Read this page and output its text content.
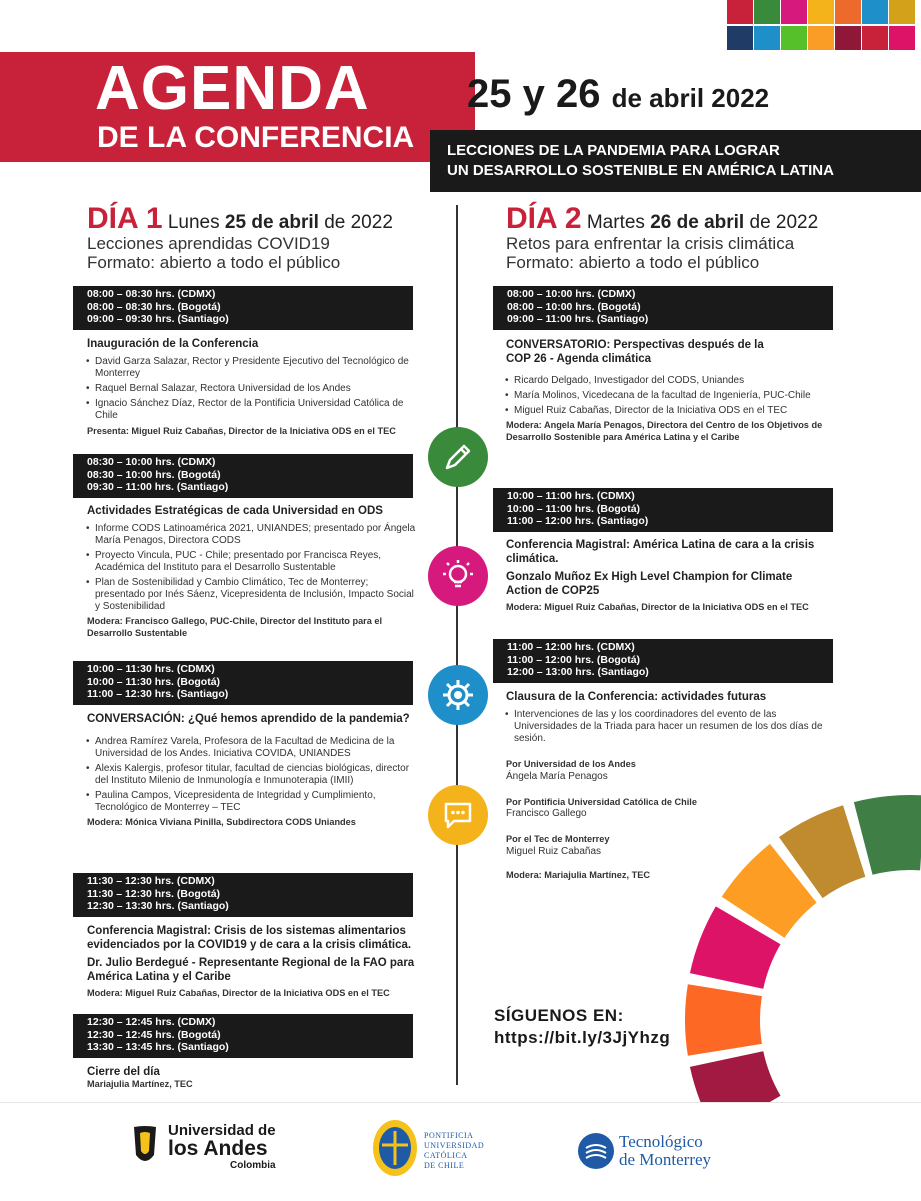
AGENDA
DE LA CONFERENCIA
25 y 26 de abril 2022
LECCIONES DE LA PANDEMIA PARA LOGRAR
UN DESARROLLO SOSTENIBLE EN AMÉRICA LATINA
DÍA 1 Lunes 25 de abril de 2022
Lecciones aprendidas COVID19
Formato: abierto a todo el público
08:00 – 08:30 hrs. (CDMX)
08:00 – 08:30 hrs. (Bogotá)
09:00 – 09:30 hrs. (Santiago)
Inauguración de la Conferencia
• David Garza Salazar, Rector y Presidente Ejecutivo del Tecnológico de Monterrey
• Raquel Bernal Salazar, Rectora Universidad de los Andes
• Ignacio Sánchez Díaz, Rector de la Pontificia Universidad Católica de Chile
Presenta: Miguel Ruiz Cabañas, Director de la Iniciativa ODS en el TEC
08:30 – 10:00 hrs. (CDMX)
08:30 – 10:00 hrs. (Bogotá)
09:30 – 11:00 hrs. (Santiago)
Actividades Estratégicas de cada Universidad en ODS
• Informe CODS Latinoamérica 2021, UNIANDES; presentado por Ángela María Penagos, Directora CODS
• Proyecto Vincula, PUC - Chile; presentado por Francisca Reyes, Académica del Instituto para el Desarrollo Sustentable
• Plan de Sostenibilidad y Cambio Climático, Tec de Monterrey; presentado por Inés Sáenz, Vicepresidenta de Inclusión, Impacto Social y Sostenibilidad
Modera: Francisco Gallego, PUC-Chile, Director del Instituto para el Desarrollo Sustentable
10:00 – 11:30 hrs. (CDMX)
10:00 – 11:30 hrs. (Bogotá)
11:00 – 12:30 hrs. (Santiago)
CONVERSACIÓN: ¿Qué hemos aprendido de la pandemia?
• Andrea Ramírez Varela, Profesora de la Facultad de Medicina de la Universidad de los Andes. Iniciativa COVIDA, UNIANDES
• Alexis Kalergis, profesor titular, facultad de ciencias biológicas, director del Instituto Milenio de Inmunología e Inmunoterapia (IMII)
• Paulina Campos, Vicepresidenta de Integridad y Cumplimiento, Tecnológico de Monterrey – TEC
Modera: Mónica Viviana Pinilla, Subdirectora CODS Uniandes
11:30 – 12:30 hrs. (CDMX)
11:30 – 12:30 hrs. (Bogotá)
12:30 – 13:30 hrs. (Santiago)
Conferencia Magistral: Crisis de los sistemas alimentarios evidenciados por la COVID19 y de cara a la crisis climática.
Dr. Julio Berdegué - Representante Regional de la FAO para América Latina y el Caribe
Modera: Miguel Ruiz Cabañas, Director de la Iniciativa ODS en el TEC
12:30 – 12:45 hrs. (CDMX)
12:30 – 12:45 hrs. (Bogotá)
13:30 – 13:45 hrs. (Santiago)
Cierre del día
Mariajulia Martínez, TEC
DÍA 2 Martes 26 de abril de 2022
Retos para enfrentar la crisis climática
Formato: abierto a todo el público
08:00 – 10:00 hrs. (CDMX)
08:00 – 10:00 hrs. (Bogotá)
09:00 – 11:00 hrs. (Santiago)
CONVERSATORIO: Perspectivas después de la COP 26 - Agenda climática
• Ricardo Delgado, Investigador del CODS, Uniandes
• María Molinos, Vicedecana de la facultad de Ingeniería, PUC-Chile
• Miguel Ruiz Cabañas, Director de la Iniciativa ODS en el TEC
Modera: Angela María Penagos, Directora del Centro de los Objetivos de Desarrollo Sostenible para América Latina y el Caribe
10:00 – 11:00 hrs. (CDMX)
10:00 – 11:00 hrs. (Bogotá)
11:00 – 12:00 hrs. (Santiago)
Conferencia Magistral: América Latina de cara a la crisis climática.
Gonzalo Muñoz Ex High Level Champion for Climate Action de COP25
Modera: Miguel Ruiz Cabañas, Director de la Iniciativa ODS en el TEC
11:00 – 12:00 hrs. (CDMX)
11:00 – 12:00 hrs. (Bogotá)
12:00 – 13:00 hrs. (Santiago)
Clausura de la Conferencia: actividades futuras
• Intervenciones de las y los coordinadores del evento de las Universidades de la Triada para hacer un resumen de los dos días de sesión.
Por Universidad de los Andes
Ángela María Penagos
Por Pontificia Universidad Católica de Chile
Francisco Gallego
Por el Tec de Monterrey
Miguel Ruiz Cabañas
Modera: Mariajulia Martínez, TEC
SÍGUENOS EN:
https://bit.ly/3JjYhzg
Universidad de
los Andes
Colombia
PONTIFICIA
UNIVERSIDAD
CATÓLICA
DE CHILE
Tecnológico
de Monterrey
